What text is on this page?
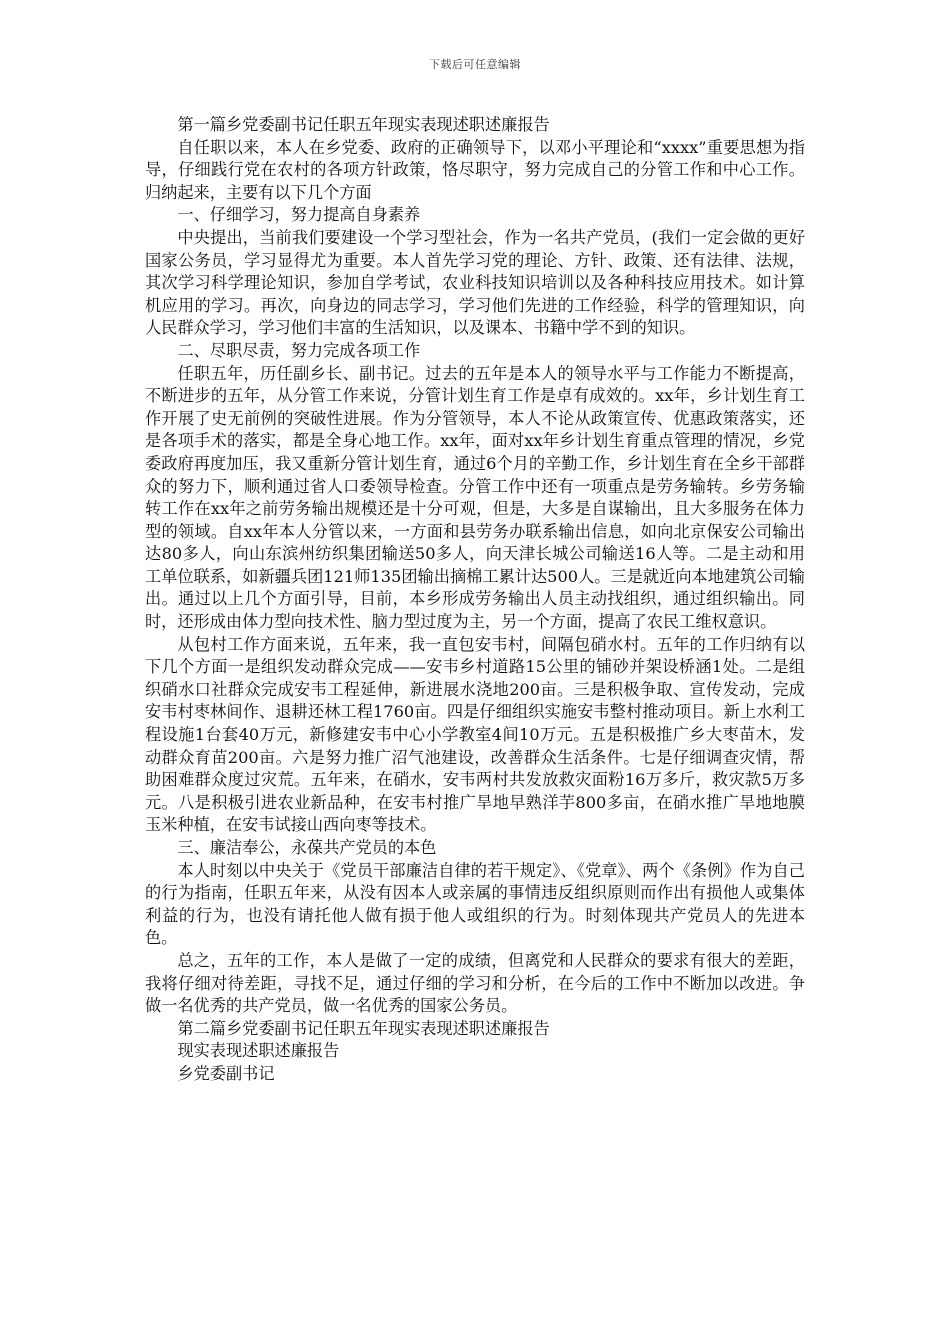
下载后可任意编辑

第一篇乡党委副书记任职五年现实表现述职述廉报告

自任职以来，本人在乡党委、政府的正确领导下，以邓小平理论和“xxxx”重要思想为指导，仔细践行党在农村的各项方针政策，恪尽职守，努力完成自己的分管工作和中心工作。归纳起来，主要有以下几个方面

一、仔细学习，努力提高自身素养

中央提出，当前我们要建设一个学习型社会，作为一名共产党员，(我们一定会做的更好国家公务员，学习显得尤为重要。本人首先学习党的理论、方针、政策、还有法律、法规，其次学习科学理论知识，参加自学考试，农业科技知识培训以及各种科技应用技术。如计算机应用的学习。再次，向身边的同志学习，学习他们先进的工作经验，科学的管理知识，向人民群众学习，学习他们丰富的生活知识，以及课本、书籍中学不到的知识。

二、尽职尽责，努力完成各项工作

任职五年，历任副乡长、副书记。过去的五年是本人的领导水平与工作能力不断提高，不断进步的五年，从分管工作来说，分管计划生育工作是卓有成效的。xx年，乡计划生育工作开展了史无前例的突破性进展。作为分管领导，本人不论从政策宣传、优惠政策落实，还是各项手术的落实，都是全身心地工作。xx年，面对xx年乡计划生育重点管理的情况，乡党委政府再度加压，我又重新分管计划生育，通过6个月的辛勤工作，乡计划生育在全乡干部群众的努力下，顺利通过省人口委领导检查。分管工作中还有一项重点是劳务输转。乡劳务输转工作在xx年之前劳务输出规模还是十分可观，但是，大多是自谋输出，且大多服务在体力型的领域。自xx年本人分管以来，一方面和县劳务办联系输出信息，如向北京保安公司输出达80多人，向山东滨州纺织集团输送50多人，向天津长城公司输送16人等。二是主动和用工单位联系，如新疆兵团121师135团输出摘棉工累计达500人。三是就近向本地建筑公司输出。通过以上几个方面引导，目前，本乡形成劳务输出人员主动找组织，通过组织输出。同时，还形成由体力型向技术性、脑力型过度为主，另一个方面，提高了农民工维权意识。

从包村工作方面来说，五年来，我一直包安韦村，间隔包硝水村。五年的工作归纳有以下几个方面一是组织发动群众完成——安韦乡村道路15公里的铺砂并架设桥涵1处。二是组织硝水口社群众完成安韦工程延伸，新进展水浇地200亩。三是积极争取、宣传发动，完成安韦村枣林间作、退耕还林工程1760亩。四是仔细组织实施安韦整村推动项目。新上水利工程设施1台套40万元，新修建安韦中心小学教室4间10万元。五是积极推广乡大枣苗木，发动群众育苗200亩。六是努力推广沼气池建设，改善群众生活条件。七是仔细调查灾情，帮助困难群众度过灾荒。五年来，在硝水，安韦两村共发放救灾面粉16万多斤，救灾款5万多元。八是积极引进农业新品种，在安韦村推广旱地早熟洋芋800多亩，在硝水推广旱地地膜玉米种植，在安韦试接山西向枣等技术。

三、廉洁奉公，永葆共产党员的本色

本人时刻以中央关于《党员干部廉洁自律的若干规定》、《党章》、两个《条例》作为自己的行为指南，任职五年来，从没有因本人或亲属的事情违反组织原则而作出有损他人或集体利益的行为，也没有请托他人做有损于他人或组织的行为。时刻体现共产党员人的先进本色。

总之，五年的工作，本人是做了一定的成绩，但离党和人民群众的要求有很大的差距，我将仔细对待差距，寻找不足，通过仔细的学习和分析，在今后的工作中不断加以改进。争做一名优秀的共产党员，做一名优秀的国家公务员。

第二篇乡党委副书记任职五年现实表现述职述廉报告

现实表现述职述廉报告

乡党委副书记
